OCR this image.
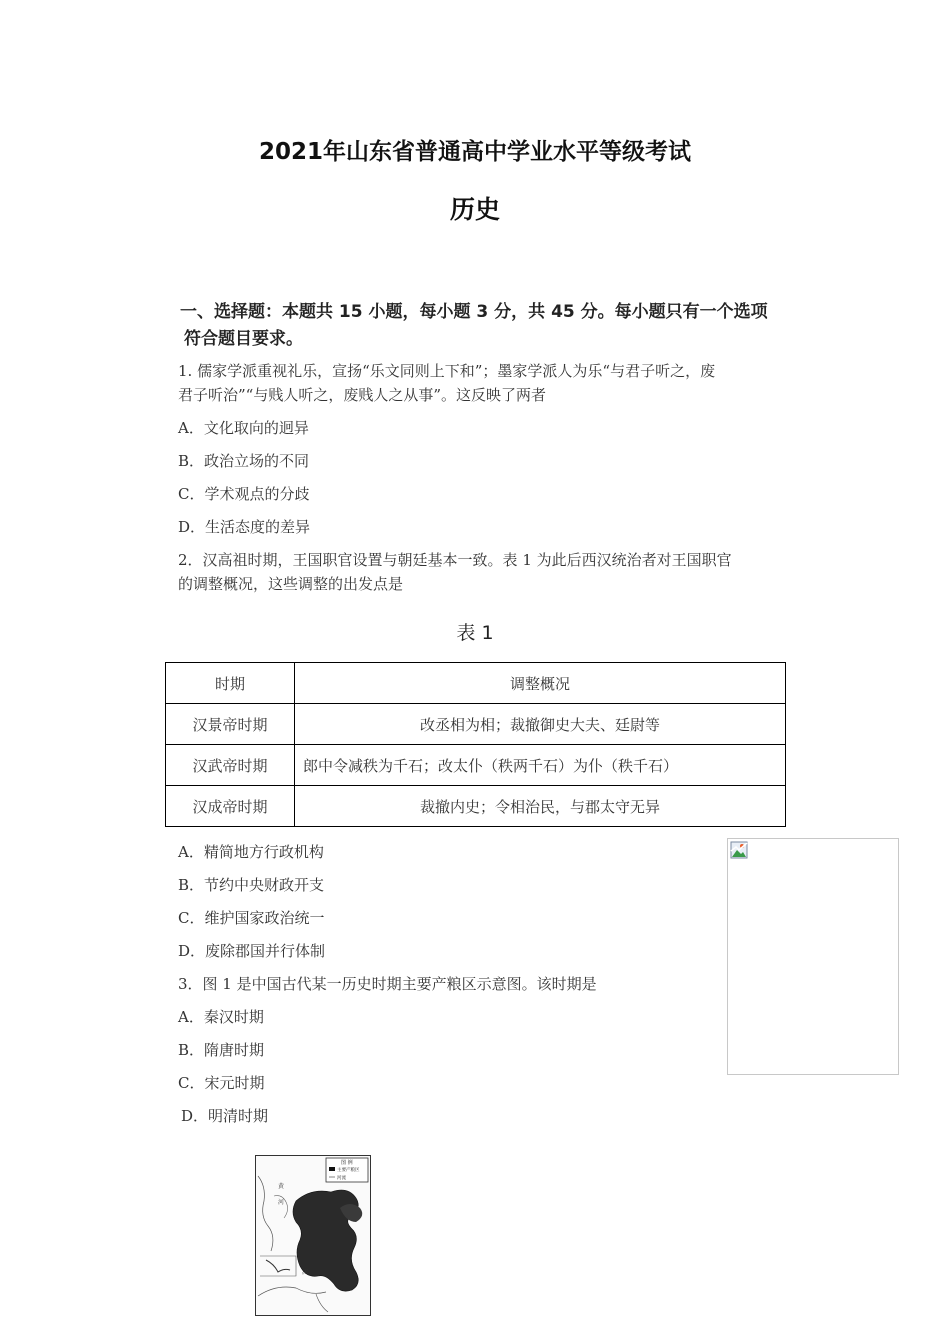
2021年山东省普通高中学业水平等级考试
历史
一、选择题：本题共 15 小题，每小题 3 分，共 45 分。每小题只有一个选项
符合题目要求。
1. 儒家学派重视礼乐，宣扬“乐文同则上下和”；墨家学派人为乐“与君子听之，废
君子听治”“与贱人听之，废贱人之从事”。这反映了两者
A．文化取向的迥异
B．政治立场的不同
C．学术观点的分歧
D．生活态度的差异
2．汉高祖时期，王国职官设置与朝廷基本一致。表 1 为此后西汉统治者对王国职官
的调整概况，这些调整的出发点是
表 1
时期	调整概况
汉景帝时期	改丞相为相；裁撤御史大夫、廷尉等
汉武帝时期	郎中令减秩为千石；改太仆（秩两千石）为仆（秩千石）
汉成帝时期	裁撤内史；令相治民，与郡太守无异
A．精简地方行政机构
B．节约中央财政开支
C．维护国家政治统一
D．废除郡国并行体制
3．图 1 是中国古代某一历史时期主要产粮区示意图。该时期是
A．秦汉时期
B．隋唐时期
C．宋元时期
D．明清时期
图 例
主要产粮区
河流
黄
河
江
